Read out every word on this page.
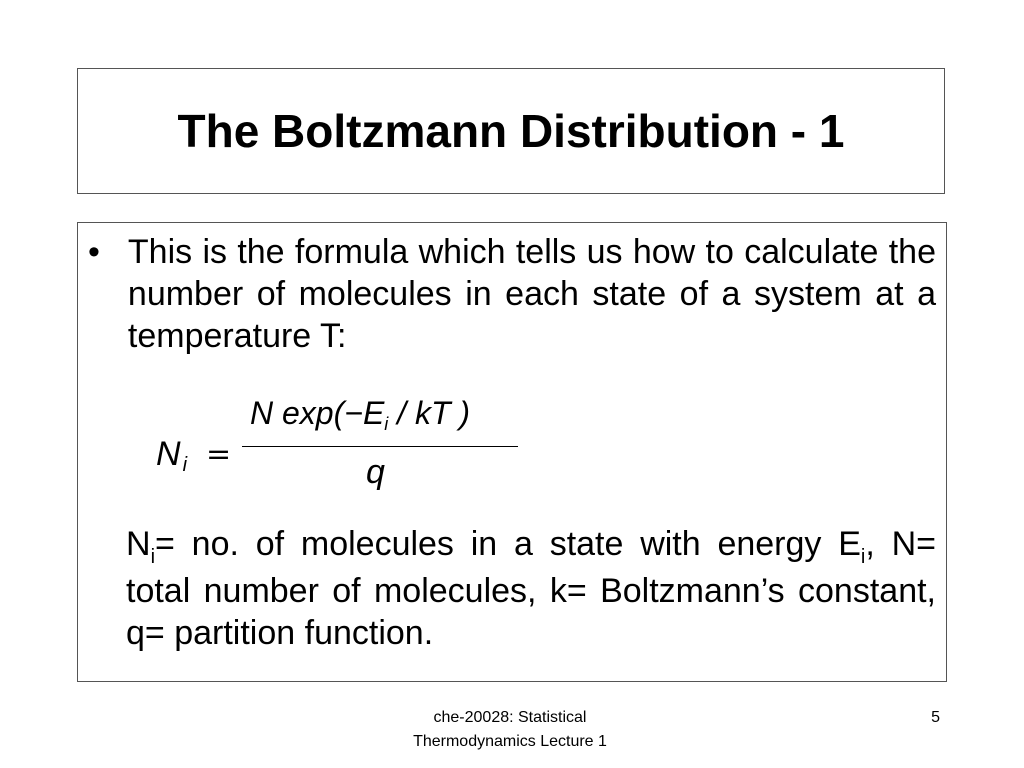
The Boltzmann Distribution - 1
• This is the formula which tells us how to calculate the number of molecules in each state of a system at a temperature T:
Ni =
N exp(−Ei / kT )
q
$N_i=$ no. of molecules in a state with energy $E_i$, N= total number of molecules, k= Boltzmann’s constant, q= partition function.
che-20028: Statistical
Thermodynamics Lecture 1
5
